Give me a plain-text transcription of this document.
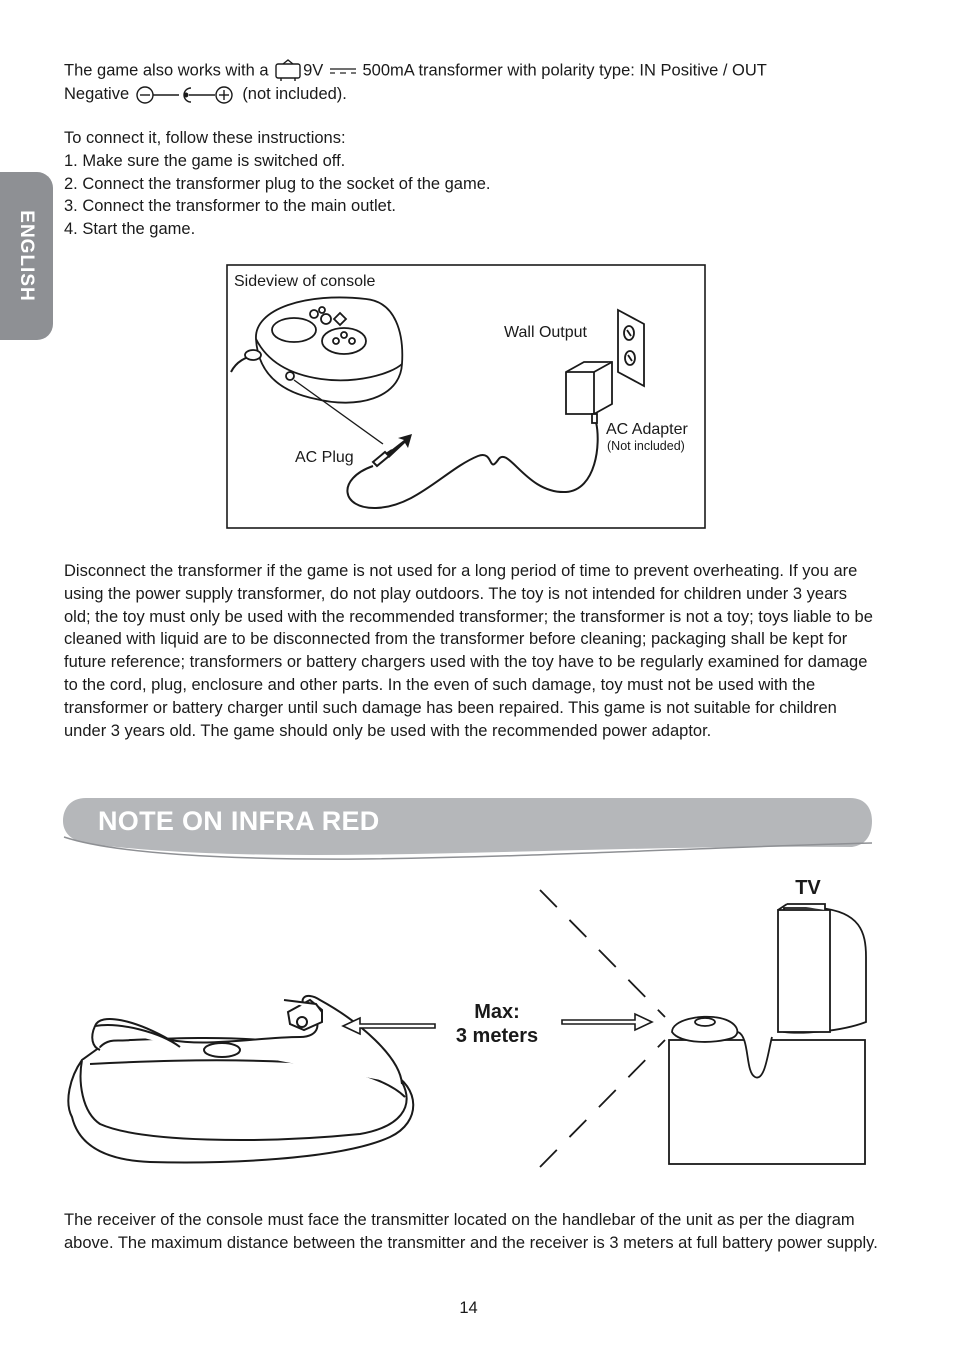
ENGLISH
The game also works with a 9V 500mA transformer with polarity type: IN Positive / OUT
Negative	(not included).
To connect it, follow these instructions:
1. Make sure the game is switched off.
2. Connect the transformer plug to the socket of the game.
3. Connect the transformer to the main outlet.
4. Start the game.
Sideview of console
Wall Output
AC Adapter
(Not included)
AC Plug
Disconnect the transformer if the game is not used for a long period of time to prevent overheating. If you are using the power supply transformer, do not play outdoors. The toy is not intended for children under 3 years old; the toy must only be used with the recommended transformer; the transformer is not a toy; toys liable to be cleaned with liquid are to be disconnected from the transformer before cleaning; packaging shall be kept for future reference; transformers or battery chargers used with the toy have to be regularly examined for damage to the cord, plug, enclosure and other parts. In the even of such damage, toy must not be used with the transformer or battery charger until such damage has been repaired. This game is not suitable for children under 3 years old. The game should only be used with the recommended power adaptor.
NOTE ON INFRA RED
Max:
3 meters
TV
The receiver of the console must face the transmitter located on the handlebar of the unit as per the diagram above. The maximum distance between the transmitter and the receiver is 3 meters at full battery power supply.
14
